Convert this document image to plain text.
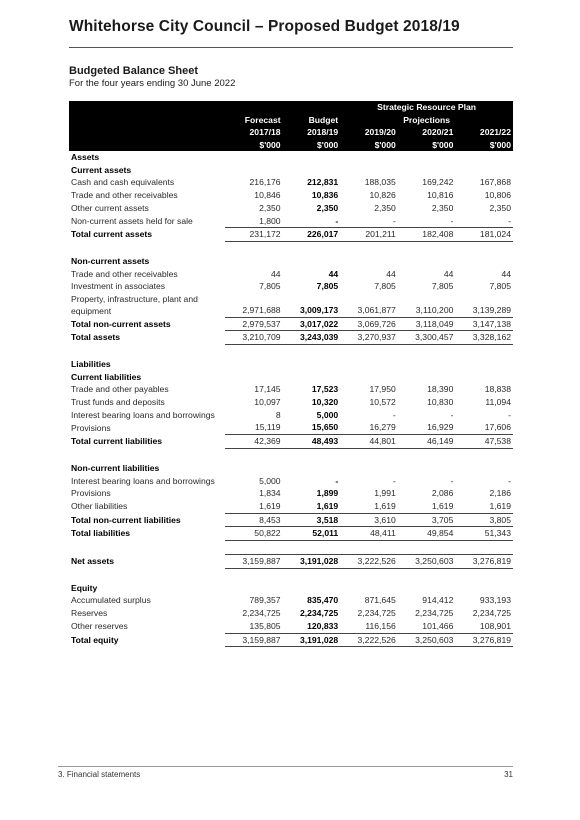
Whitehorse City Council – Proposed Budget 2018/19
Budgeted Balance Sheet
For the four years ending 30 June 2022
			Strategic Resource Plan		
	Forecast	Budget	Projections		
	2017/18	2018/19	2019/20	2020/21	2021/22
	$'000	$'000	$'000	$'000	$'000
Assets					
Current assets					
Cash and cash equivalents	216,176	212,831	188,035	169,242	167,868
Trade and other receivables	10,846	10,836	10,826	10,816	10,806
Other current assets	2,350	2,350	2,350	2,350	2,350
Non-current assets held for sale	1,800	-	-	-	-
Total current assets	231,172	226,017	201,211	182,408	181,024

Non-current assets					
Trade and other receivables	44	44	44	44	44
Investment in associates	7,805	7,805	7,805	7,805	7,805
Property, infrastructure, plant and equipment	2,971,688	3,009,173	3,061,877	3,110,200	3,139,289
Total non-current assets	2,979,537	3,017,022	3,069,726	3,118,049	3,147,138
Total assets	3,210,709	3,243,039	3,270,937	3,300,457	3,328,162

Liabilities					
Current liabilities					
Trade and other payables	17,145	17,523	17,950	18,390	18,838
Trust funds and deposits	10,097	10,320	10,572	10,830	11,094
Interest bearing loans and borrowings	8	5,000	-	-	-
Provisions	15,119	15,650	16,279	16,929	17,606
Total current liabilities	42,369	48,493	44,801	46,149	47,538

Non-current liabilities					
Interest bearing loans and borrowings	5,000	-	-	-	-
Provisions	1,834	1,899	1,991	2,086	2,186
Other liabilities	1,619	1,619	1,619	1,619	1,619
Total non-current liabilities	8,453	3,518	3,610	3,705	3,805
Total liabilities	50,822	52,011	48,411	49,854	51,343

Net assets	3,159,887	3,191,028	3,222,526	3,250,603	3,276,819

Equity					
Accumulated surplus	789,357	835,470	871,645	914,412	933,193
Reserves	2,234,725	2,234,725	2,234,725	2,234,725	2,234,725
Other reserves	135,805	120,833	116,156	101,466	108,901
Total equity	3,159,887	3,191,028	3,222,526	3,250,603	3,276,819
3. Financial statements	31
